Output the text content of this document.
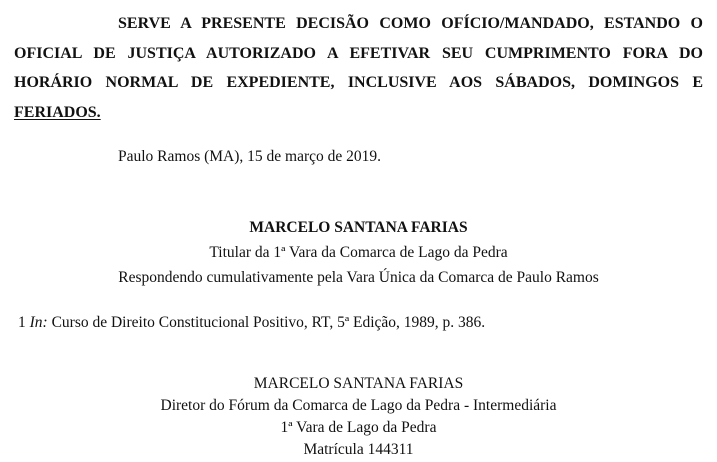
SERVE A PRESENTE DECISÃO COMO OFÍCIO/MANDADO, ESTANDO O OFICIAL DE JUSTIÇA AUTORIZADO A EFETIVAR SEU CUMPRIMENTO FORA DO HORÁRIO NORMAL DE EXPEDIENTE, INCLUSIVE AOS SÁBADOS, DOMINGOS E FERIADOS.
Paulo Ramos (MA), 15 de março de 2019.
MARCELO SANTANA FARIAS
Titular da 1ª Vara da Comarca de Lago da Pedra
Respondendo cumulativamente pela Vara Única da Comarca de Paulo Ramos
1 In: Curso de Direito Constitucional Positivo, RT, 5ª Edição, 1989, p. 386.
MARCELO SANTANA FARIAS
Diretor do Fórum da Comarca de Lago da Pedra - Intermediária
1ª Vara de Lago da Pedra
Matrícula 144311
